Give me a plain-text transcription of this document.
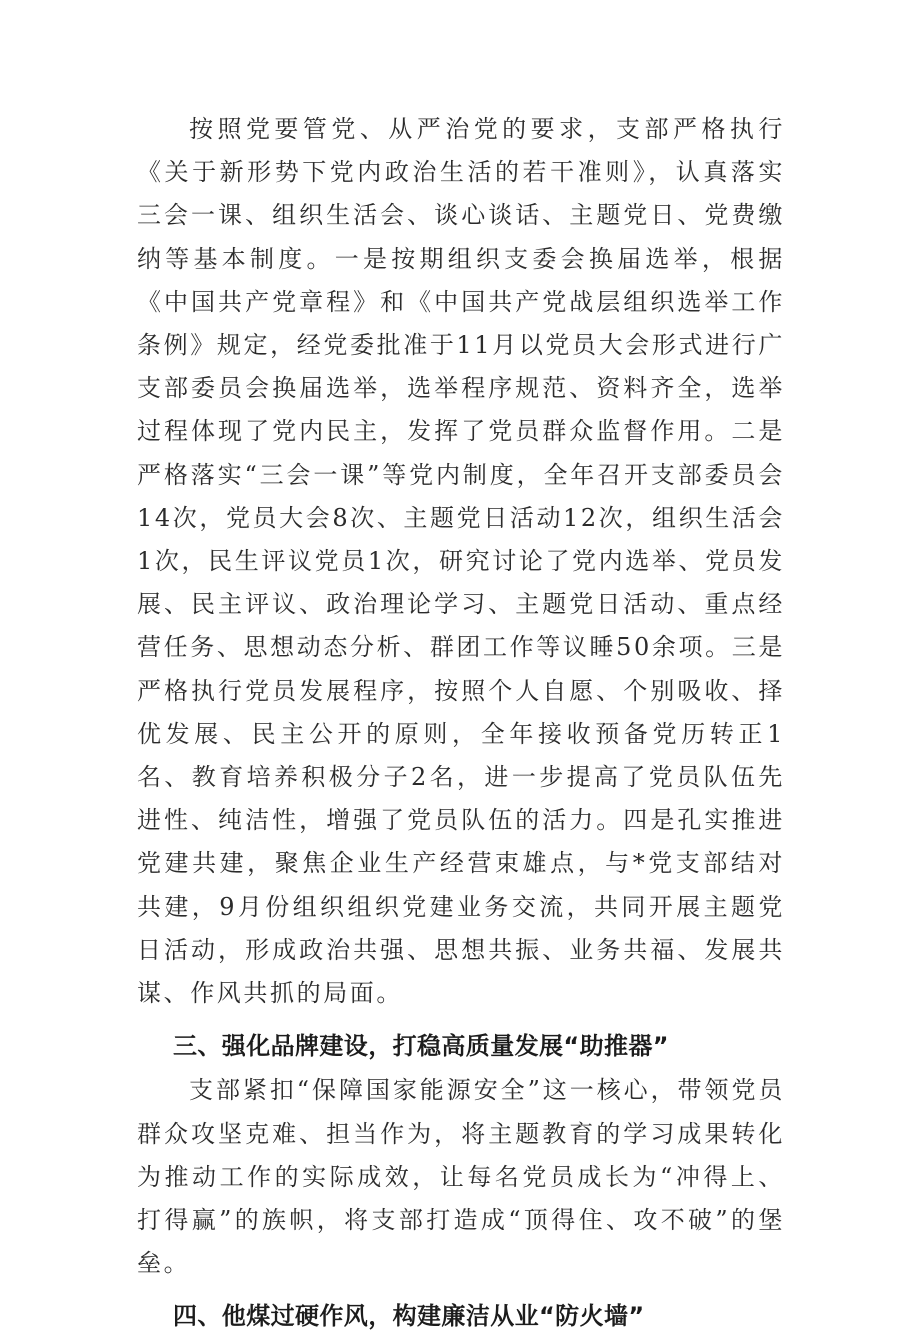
按照党要管党、从严治党的要求，支部严格执行《关于新形势下党内政治生活的若干准则》，认真落实三会一课、组织生活会、谈心谈话、主题党日、党费缴纳等基本制度。一是按期组织支委会换届选举，根据《中国共产党章程》和《中国共产党战层组织选举工作条例》规定，经党委批准于11月以党员大会形式进行广支部委员会换届选举，选举程序规范、资料齐全，选举过程体现了党内民主，发挥了党员群众监督作用。二是严格落实“三会一课”等党内制度，全年召开支部委员会14次，党员大会8次、主题党日活动12次，组织生活会1次，民生评议党员1次，研究讨论了党内选举、党员发展、民主评议、政治理论学习、主题党日活动、重点经营任务、思想动态分析、群团工作等议睡50余项。三是严格执行党员发展程序，按照个人自愿、个别吸收、择优发展、民主公开的原则，全年接收预备党历转正1名、教育培养积极分子2名，进一步提高了党员队伍先进性、纯洁性，增强了党员队伍的活力。四是孔实推进党建共建，聚焦企业生产经营束雄点，与*党支部结对共建，9月份组织组织党建业务交流，共同开展主题党日活动，形成政治共强、思想共振、业务共福、发展共谋、作风共抓的局面。

三、强化品牌建设，打稳高质量发展“助推器”

支部紧扣“保障国家能源安全”这一核心，带领党员群众攻坚克难、担当作为，将主题教育的学习成果转化为推动工作的实际成效，让每名党员成长为“冲得上、打得赢”的族帜，将支部打造成“顶得住、攻不破”的堡垒。

四、他煤过硬作风，构建廉洁从业“防火墙”
